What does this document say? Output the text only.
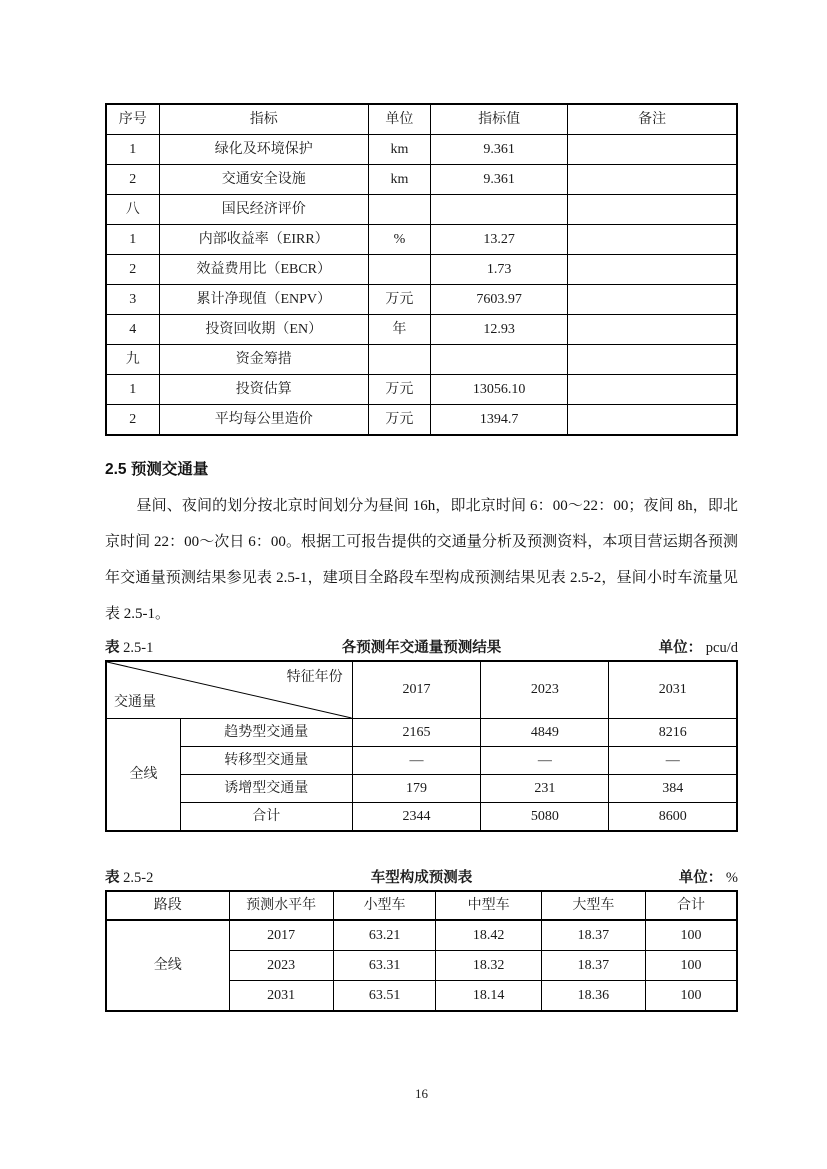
序号	指标	单位	指标值	备注
1	绿化及环境保护	km	9.361	
2	交通安全设施	km	9.361	
八	国民经济评价			
1	内部收益率（EIRR）	%	13.27	
2	效益费用比（EBCR）		1.73	
3	累计净现值（ENPV）	万元	7603.97	
4	投资回收期（EN）	年	12.93	
九	资金筹措			
1	投资估算	万元	13056.10	
2	平均每公里造价	万元	1394.7	
2.5 预测交通量

昼间、夜间的划分按北京时间划分为昼间 16h，即北京时间 6：00～22：00；夜间 8h，即北京时间 22：00～次日 6：00。根据工可报告提供的交通量分析及预测资料，本项目营运期各预测年交通量预测结果参见表 2.5-1，建项目全路段车型构成预测结果见表 2.5-2，昼间小时车流量见表 2.5-1。

表 2.5-1	各预测年交通量预测结果	单位： pcu/d
特征年份
交通量		2017	2023	2031
全线	趋势型交通量	2165	4849	8216
	转移型交通量	—	—	—
	诱增型交通量	179	231	384
	合计	2344	5080	8600
表 2.5-2	车型构成预测表	单位： %
路段	预测水平年	小型车	中型车	大型车	合计
全线	2017	63.21	18.42	18.37	100
	2023	63.31	18.32	18.37	100
	2031	63.51	18.14	18.36	100
16
